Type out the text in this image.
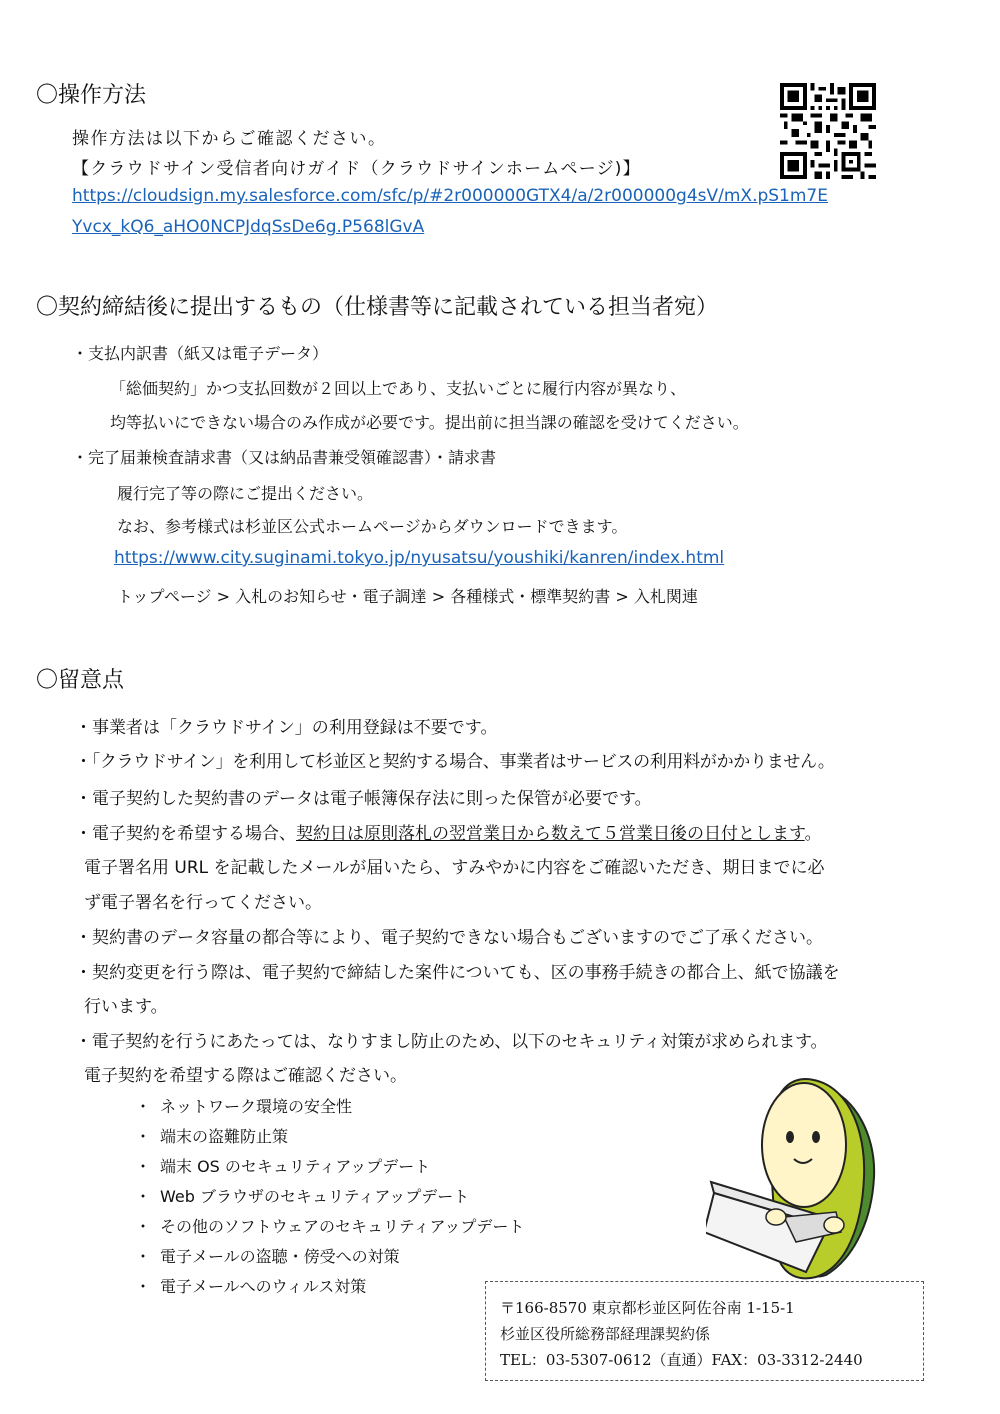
〇操作方法
操作方法は以下からご確認ください。
【クラウドサイン受信者向けガイド（クラウドサインホームページ)】
https://cloudsign.my.salesforce.com/sfc/p/#2r000000GTX4/a/2r000000g4sV/mX.pS1m7E
Yvcx_kQ6_aHO0NCPJdqSsDe6g.P568lGvA
〇契約締結後に提出するもの（仕様書等に記載されている担当者宛）
・支払内訳書（紙又は電子データ）
「総価契約」かつ支払回数が２回以上であり、支払いごとに履行内容が異なり、
均等払いにできない場合のみ作成が必要です。提出前に担当課の確認を受けてください。
・完了届兼検査請求書（又は納品書兼受領確認書）・請求書
履行完了等の際にご提出ください。
なお、参考様式は杉並区公式ホームページからダウンロードできます。
https://www.city.suginami.tokyo.jp/nyusatsu/youshiki/kanren/index.html
トップページ > 入札のお知らせ・電子調達 > 各種様式・標準契約書 > 入札関連
〇留意点
・事業者は「クラウドサイン」の利用登録は不要です。
・「クラウドサイン」を利用して杉並区と契約する場合、事業者はサービスの利用料がかかりません。
・電子契約した契約書のデータは電子帳簿保存法に則った保管が必要です。
・電子契約を希望する場合、契約日は原則落札の翌営業日から数えて５営業日後の日付とします。
電子署名用 URL を記載したメールが届いたら、すみやかに内容をご確認いただき、期日までに必
ず電子署名を行ってください。
・契約書のデータ容量の都合等により、電子契約できない場合もございますのでご了承ください。
・契約変更を行う際は、電子契約で締結した案件についても、区の事務手続きの都合上、紙で協議を
行います。
・電子契約を行うにあたっては、なりすまし防止のため、以下のセキュリティ対策が求められます。
電子契約を希望する際はご確認ください。
・ ネットワーク環境の安全性
・ 端末の盗難防止策
・ 端末 OS のセキュリティアップデート
・ Web ブラウザのセキュリティアップデート
・ その他のソフトウェアのセキュリティアップデート
・ 電子メールの盗聴・傍受への対策
・ 電子メールへのウィルス対策
〒166-8570 東京都杉並区阿佐谷南 1-15-1
杉並区役所総務部経理課契約係
TEL：03-5307-0612（直通）FAX：03-3312-2440
